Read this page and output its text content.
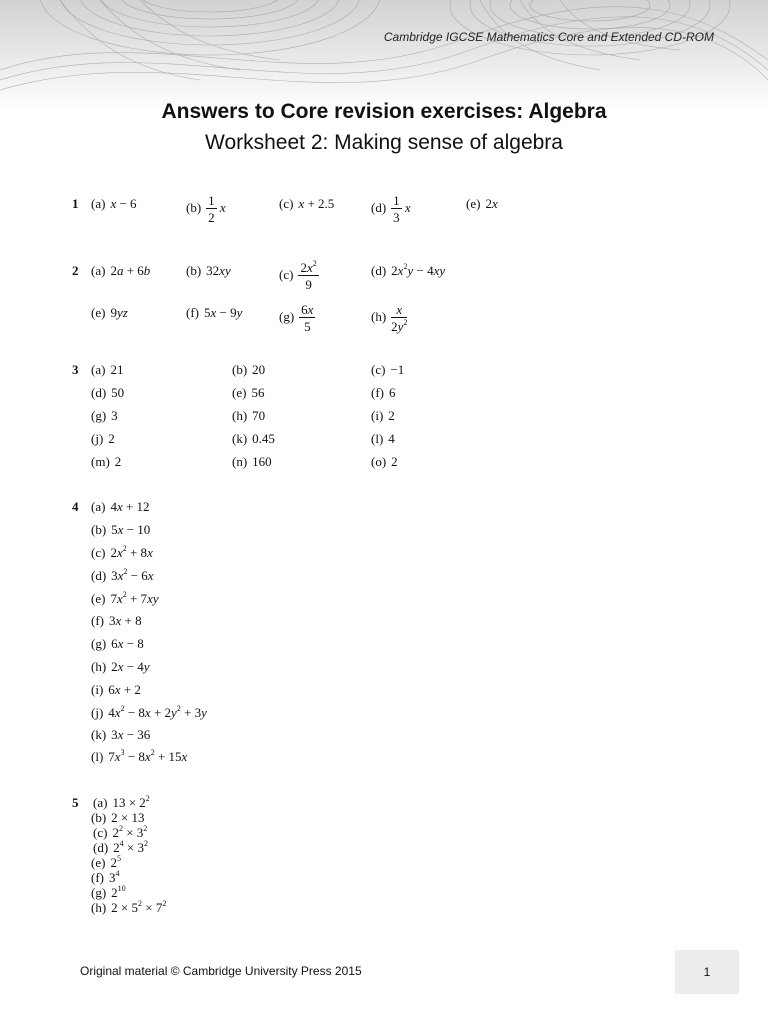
Cambridge IGCSE Mathematics Core and Extended CD-ROM
Answers to Core revision exercises: Algebra
Worksheet 2: Making sense of algebra
1 (a) x − 6	$(b) \frac{1}{2}$ x	(c) x + 2.5	$(d) \frac{1}{3}$ x	(e) 2x
2 (a) 2a + 6b	(b) 32xy	$(c) \frac{2x^2}{9}$	(d) $2x^2y - 4xy$
(e) 9yz	(f) 5x − 9y	$(g) \frac{6x}{5}$	$(h) \frac{x}{2y^2}$
3 (a) 21	(b) 20	(c) −1
(d) 50	(e) 56	(f) 6
(g) 3	(h) 70	(i) 2
(j) 2	(k) 0.45	(l) 4
(m) 2	(n) 160	(o) 2
4 (a) 4x + 12
(b) 5x − 10
(c) $2x^2 + 8x$
(d) $3x^2 - 6x$
(e) $7x^2 + 7xy$
(f) 3x + 8
(g) 6x − 8
(h) 2x − 4y
(i) 6x + 2
(j) $4x^2 - 8x + 2y^2 + 3y$
(k) 3x − 36
(l) $7x^3 - 8x^2 + 15x$
5 (a) $13 \times 2^2$
(b) 2 × 13
(c) $2^2 \times 3^2$
(d) $2^4 \times 3^2$
(e) $2^5$
(f) $3^4$
(g) $2^{10}$
(h) $2 \times 5^2 \times 7^2$
Original material © Cambridge University Press 2015	1
